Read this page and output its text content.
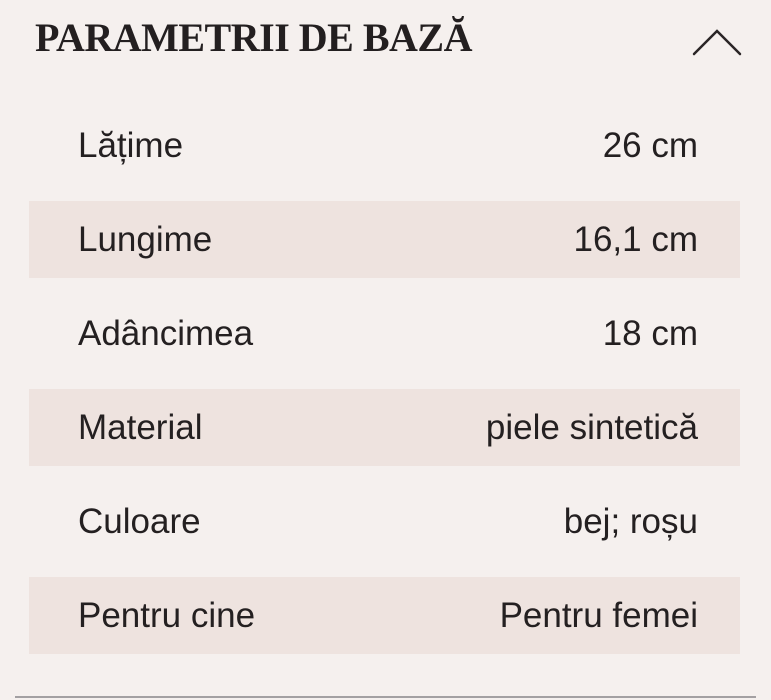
PARAMETRII DE BAZĂ
Lățime	26 cm
Lungime	16,1 cm
Adâncimea	18 cm
Material	piele sintetică
Culoare	bej; roșu
Pentru cine	Pentru femei
